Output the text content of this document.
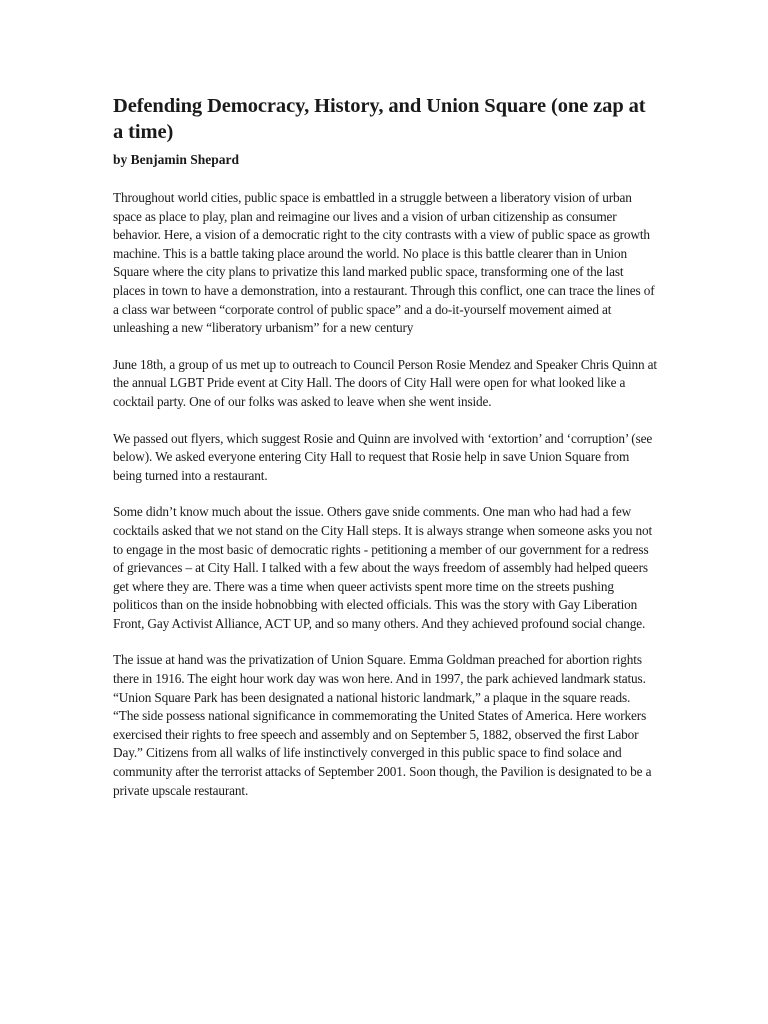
Defending Democracy, History, and Union Square (one zap at a time)

by Benjamin Shepard

Throughout world cities, public space is embattled in a struggle between a liberatory vision of urban space as place to play, plan and reimagine our lives and a vision of urban citizenship as consumer behavior. Here, a vision of a democratic right to the city contrasts with a view of public space as growth machine. This is a battle taking place around the world. No place is this battle clearer than in Union Square where the city plans to privatize this land marked public space, transforming one of the last places in town to have a demonstration, into a restaurant. Through this conflict, one can trace the lines of a class war between “corporate control of public space” and a do-it-yourself movement aimed at unleashing a new “liberatory urbanism” for a new century

June 18th, a group of us met up to outreach to Council Person Rosie Mendez and Speaker Chris Quinn at the annual LGBT Pride event at City Hall. The doors of City Hall were open for what looked like a cocktail party. One of our folks was asked to leave when she went inside.

We passed out flyers, which suggest Rosie and Quinn are involved with ‘extortion’ and ‘corruption’ (see below). We asked everyone entering City Hall to request that Rosie help in save Union Square from being turned into a restaurant.

Some didn’t know much about the issue. Others gave snide comments. One man who had had a few cocktails asked that we not stand on the City Hall steps. It is always strange when someone asks you not to engage in the most basic of democratic rights - petitioning a member of our government for a redress of grievances – at City Hall. I talked with a few about the ways freedom of assembly had helped queers get where they are. There was a time when queer activists spent more time on the streets pushing politicos than on the inside hobnobbing with elected officials. This was the story with Gay Liberation Front, Gay Activist Alliance, ACT UP, and so many others. And they achieved profound social change.

The issue at hand was the privatization of Union Square. Emma Goldman preached for abortion rights there in 1916. The eight hour work day was won here. And in 1997, the park achieved landmark status. “Union Square Park has been designated a national historic landmark,” a plaque in the square reads. “The side possess national significance in commemorating the United States of America. Here workers exercised their rights to free speech and assembly and on September 5, 1882, observed the first Labor Day.” Citizens from all walks of life instinctively converged in this public space to find solace and community after the terrorist attacks of September 2001. Soon though, the Pavilion is designated to be a private upscale restaurant.
